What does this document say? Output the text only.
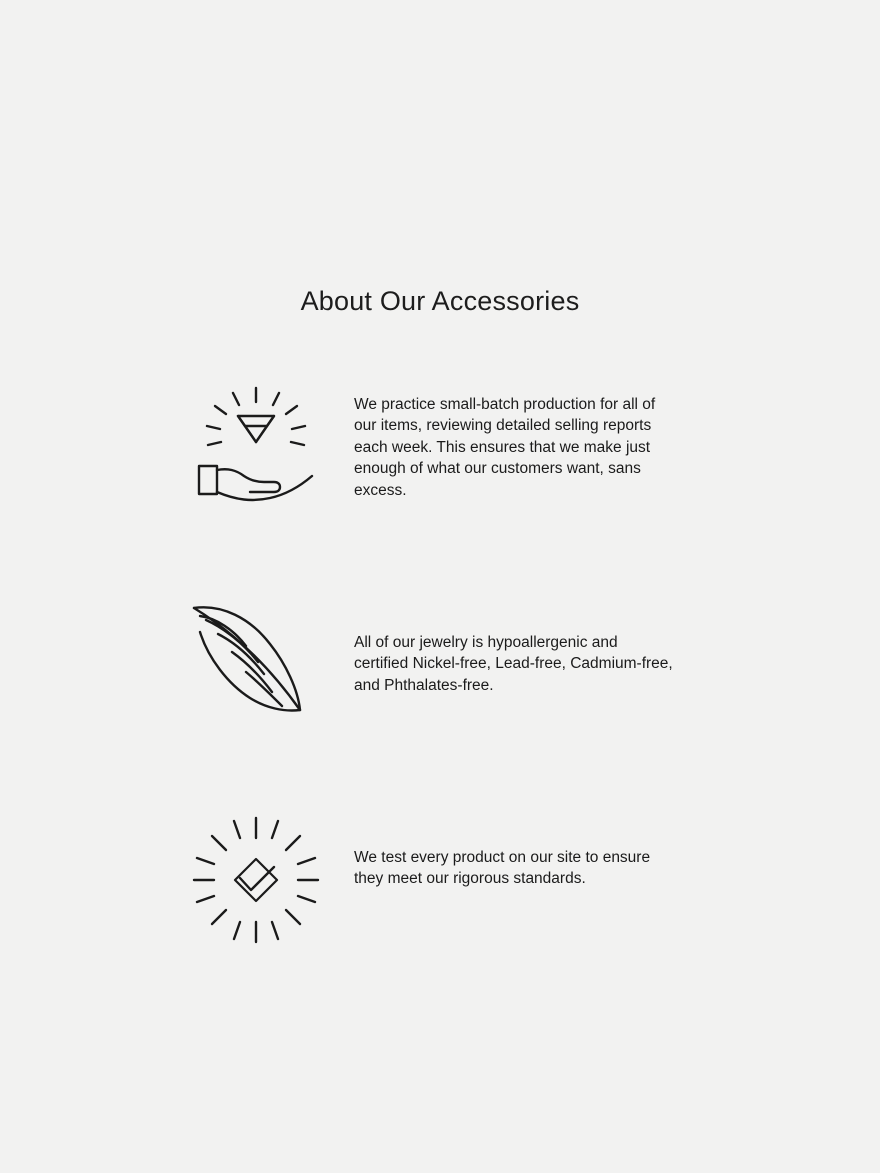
About Our Accessories
We practice small-batch production for all of our items, reviewing detailed selling reports each week. This ensures that we make just enough of what our customers want, sans excess.
All of our jewelry is hypoallergenic and certified Nickel-free, Lead-free, Cadmium-free, and Phthalates-free.
We test every product on our site to ensure they meet our rigorous standards.
